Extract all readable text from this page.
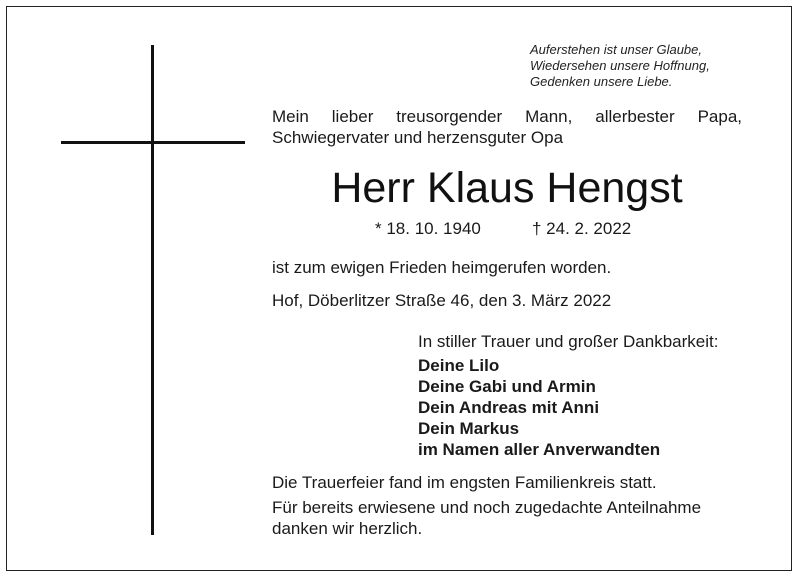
Auferstehen ist unser Glaube,
Wiedersehen unsere Hoffnung,
Gedenken unsere Liebe.
Mein lieber treusorgender Mann, allerbester Papa,
Schwiegervater und herzensguter Opa
Herr Klaus Hengst
* 18. 10. 1940	† 24. 2. 2022
ist zum ewigen Frieden heimgerufen worden.
Hof, Döberlitzer Straße 46, den 3. März 2022
In stiller Trauer und großer Dankbarkeit:
Deine Lilo
Deine Gabi und Armin
Dein Andreas mit Anni
Dein Markus
im Namen aller Anverwandten
Die Trauerfeier fand im engsten Familienkreis statt.
Für bereits erwiesene und noch zugedachte Anteilnahme
danken wir herzlich.
